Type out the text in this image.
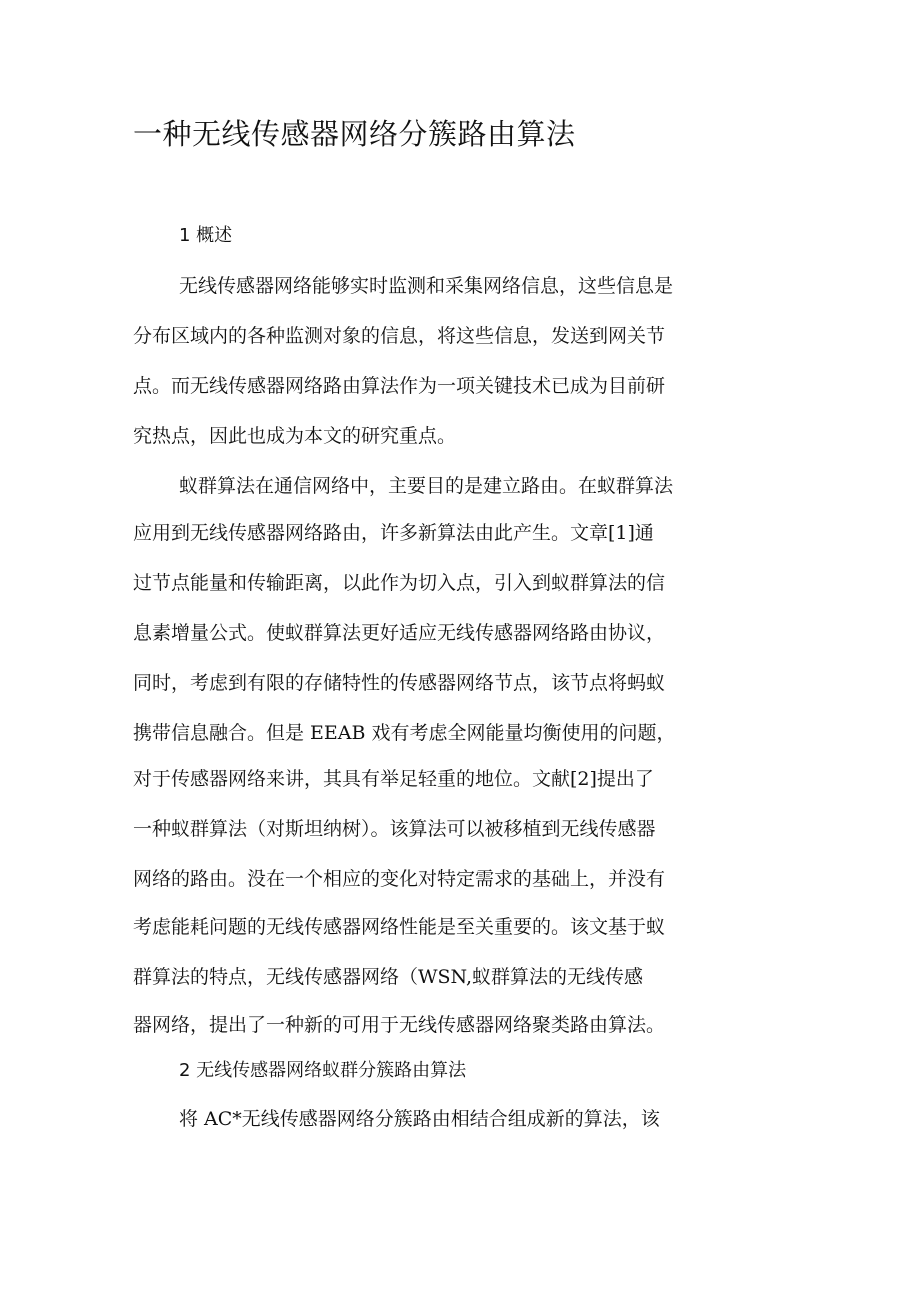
一种无线传感器网络分簇路由算法

1 概述

无线传感器网络能够实时监测和采集网络信息，这些信息是

分布区域内的各种监测对象的信息，将这些信息，发送到网关节

点。而无线传感器网络路由算法作为一项关键技术已成为目前研

究热点，因此也成为本文的研究重点。

蚁群算法在通信网络中，主要目的是建立路由。在蚁群算法

应用到无线传感器网络路由，许多新算法由此产生。文章[1]通

过节点能量和传输距离，以此作为切入点，引入到蚁群算法的信

息素增量公式。使蚁群算法更好适应无线传感器网络路由协议，

同时，考虑到有限的存储特性的传感器网络节点，该节点将蚂蚁

携带信息融合。但是 EEAB 戏有考虑全网能量均衡使用的问题，

对于传感器网络来讲，其具有举足轻重的地位。文献[2]提出了

一种蚁群算法（对斯坦纳树）。该算法可以被移植到无线传感器

网络的路由。没在一个相应的变化对特定需求的基础上，并没有

考虑能耗问题的无线传感器网络性能是至关重要的。该文基于蚁

群算法的特点，无线传感器网络（WSN,蚁群算法的无线传感

器网络，提出了一种新的可用于无线传感器网络聚类路由算法。

2 无线传感器网络蚁群分簇路由算法

将 AC*无线传感器网络分簇路由相结合组成新的算法，该
